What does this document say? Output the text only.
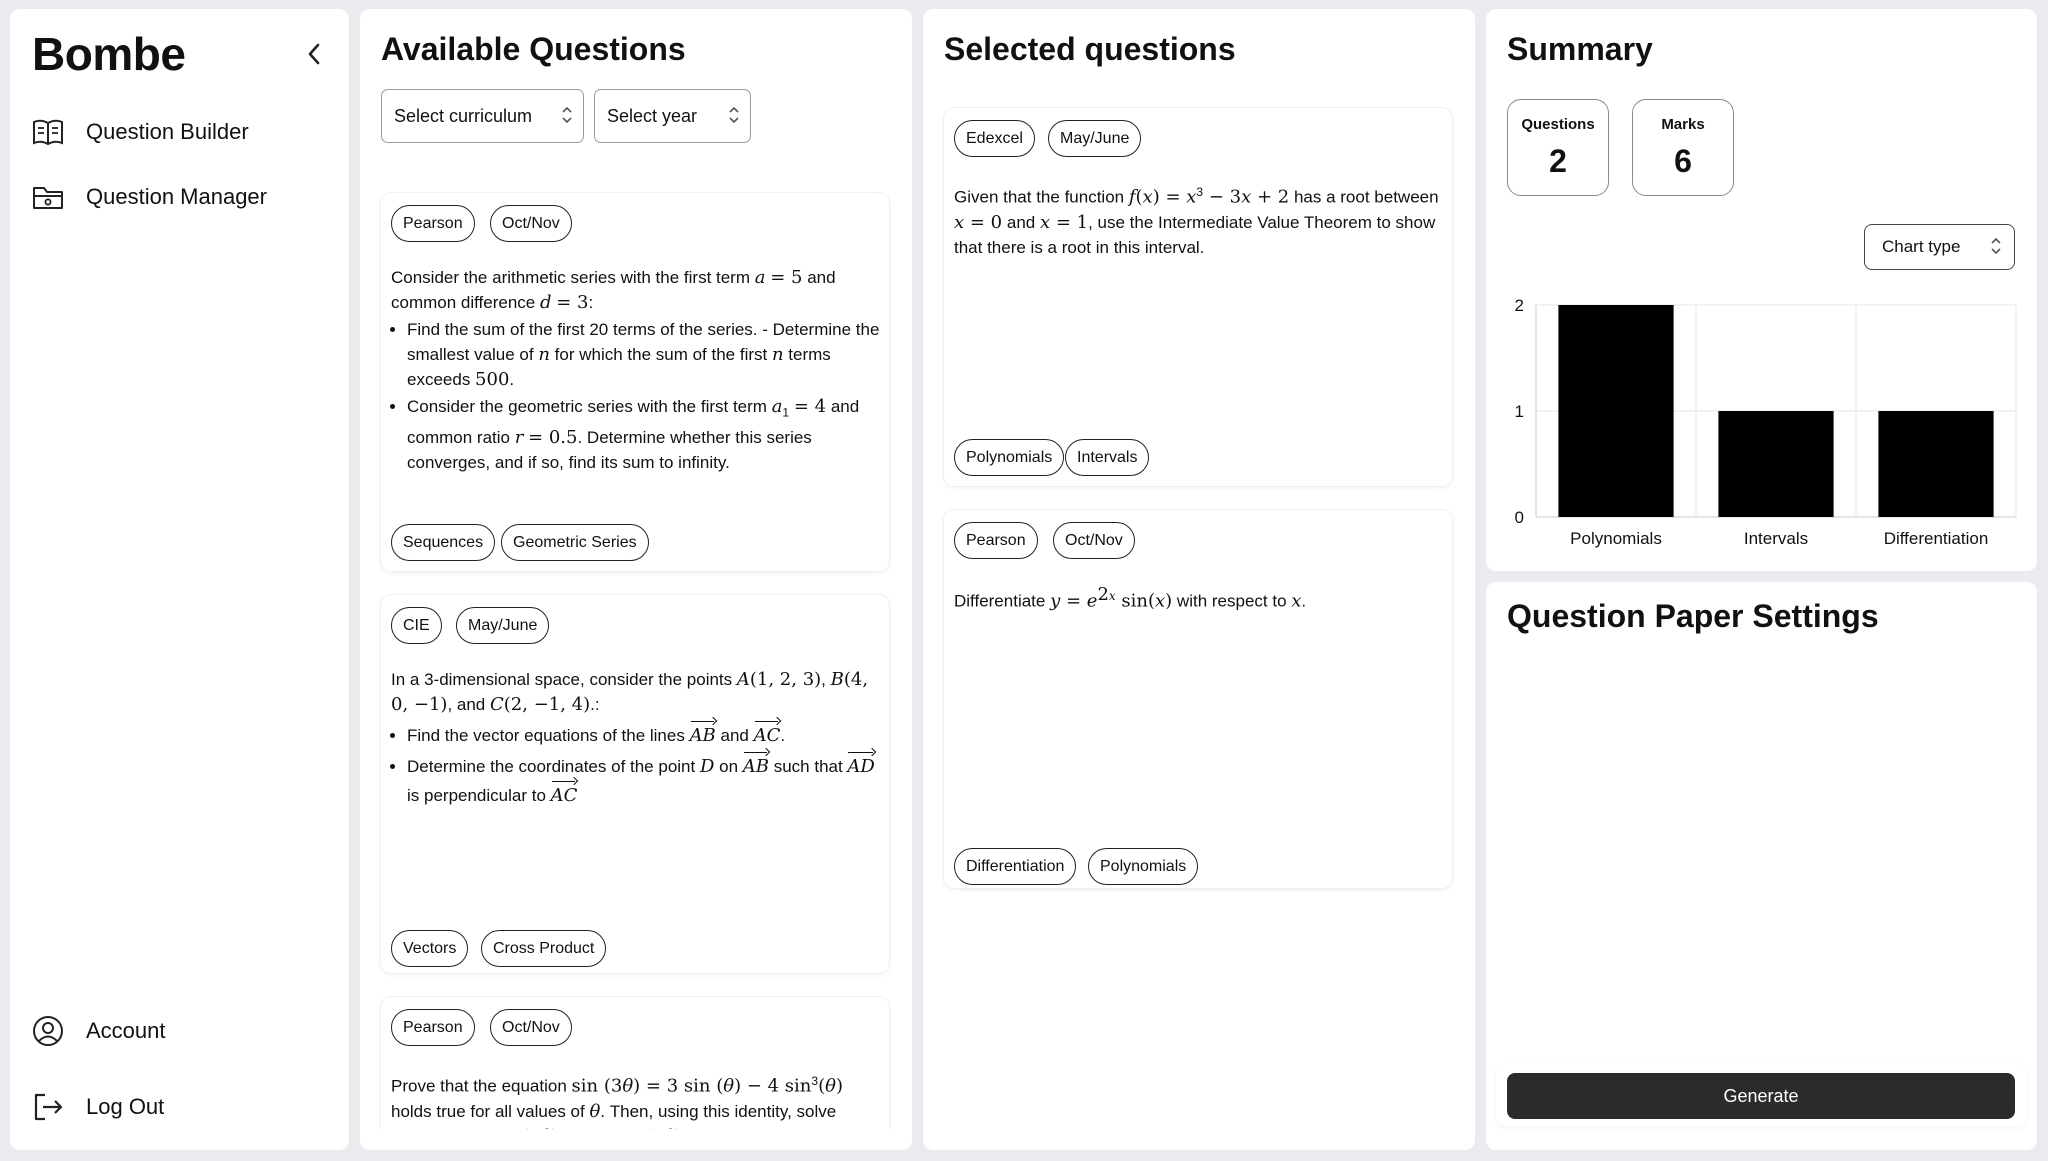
Bombe
Question Builder
Question Manager
Account
Log Out
Available Questions
Select curriculum	Select year
Pearson	Oct/Nov
Consider the arithmetic series with the first term a = 5 and common difference d = 3:
• Find the sum of the first 20 terms of the series. - Determine the smallest value of n for which the sum of the first n terms exceeds 500.
• Consider the geometric series with the first term $a_1 = 4$ and common ratio r = 0.5. Determine whether this series converges, and if so, find its sum to infinity.
Sequences	Geometric Series
CIE	May/June
In a 3-dimensional space, consider the points A(1, 2, 3), B(4, 0, −1), and C(2, −1, 4).:
• Find the vector equations of the lines AB and AC.
• Determine the coordinates of the point D on AB such that AD is perpendicular to AC
Vectors	Cross Product
Pearson	Oct/Nov
Prove that the equation sin (3θ) = 3 sin (θ) − 4 $\sin^3(\theta)$
holds true for all values of θ. Then, using this identity, solve

Selected questions
Edexcel	May/June
Given that the function $f(x) = x^3 - 3x + 2$ has a root between x = 0 and x = 1, use the Intermediate Value Theorem to show that there is a root in this interval.
Polynomials	Intervals
Pearson	Oct/Nov
Differentiate $y = e^{2x}$ sin(x) with respect to x.
Differentiation	Polynomials
Summary
Questions
2
Marks
6
Chart type
0
1
2
Polynomials	Intervals	Differentiation
Question Paper Settings
Generate
